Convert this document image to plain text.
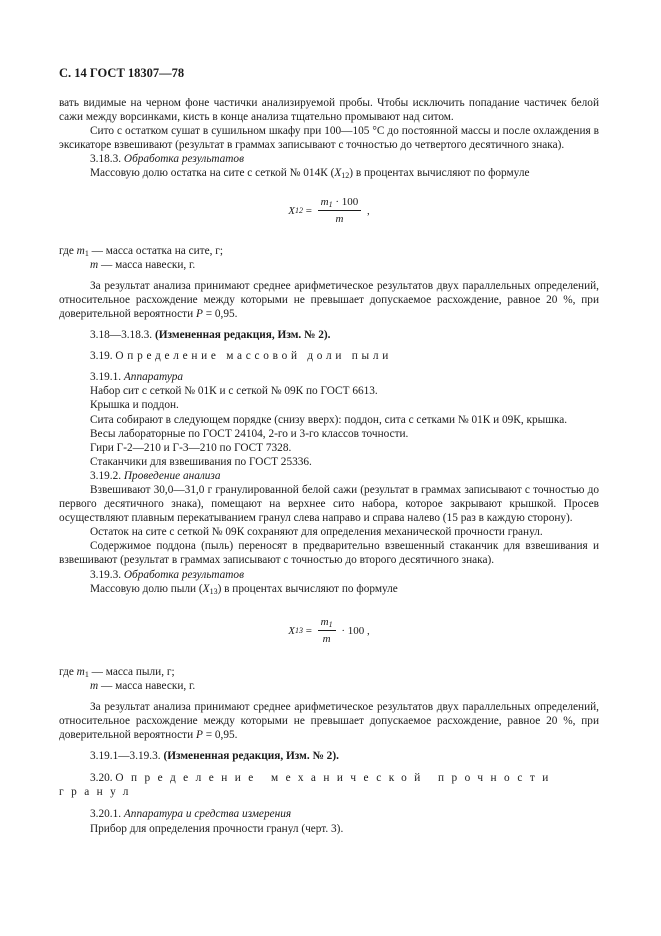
С. 14 ГОСТ 18307—78

вать видимые на черном фоне частички анализируемой пробы. Чтобы исключить попадание частичек белой сажи между ворсинками, кисть в конце анализа тщательно промывают над ситом.

Сито с остатком сушат в сушильном шкафу при 100—105 °С до постоянной массы и после охлаждения в эксикаторе взвешивают (результат в граммах записывают с точностью до четвертого десятичного знака).

3.18.3. Обработка результатов

Массовую долю остатка на сите с сеткой № 014К $(X_{12})$ в процентах вычисляют по формуле

X $12 = \frac{m_1 \cdot 100}{m}$ ,

где $m_1$ — масса остатка на сите, г;

m — масса навески, г.

За результат анализа принимают среднее арифметическое результатов двух параллельных определений, относительное расхождение между которыми не превышает допускаемое расхождение, равное 20 %, при доверительной вероятности P = 0,95.

3.18—3.18.3. (Измененная редакция, Изм. № 2).

3.19. Определение массовой доли пыли

3.19.1. Аппаратура

Набор сит с сеткой № 01К и с сеткой № 09К по ГОСТ 6613.

Крышка и поддон.

Сита собирают в следующем порядке (снизу вверх): поддон, сита с сетками № 01К и 09К, крышка.

Весы лабораторные по ГОСТ 24104, 2-го и 3-го классов точности.

Гири Г-2—210 и Г-3—210 по ГОСТ 7328.

Стаканчики для взвешивания по ГОСТ 25336.

3.19.2. Проведение анализа

Взвешивают 30,0—31,0 г гранулированной белой сажи (результат в граммах записывают с точностью до первого десятичного знака), помещают на верхнее сито набора, которое закрывают крышкой. Просев осуществляют плавным перекатыванием гранул слева направо и справа налево (15 раз в каждую сторону).

Остаток на сите с сеткой № 09К сохраняют для определения механической прочности гранул.

Содержимое поддона (пыль) переносят в предварительно взвешенный стаканчик для взвешивания и взвешивают (результат в граммах записывают с точностью до второго десятичного знака).

3.19.3. Обработка результатов

Массовую долю пыли $(X_{13})$ в процентах вычисляют по формуле

X $13 = \frac{m_1}{m} \cdot 100$ ,

где $m_1$ — масса пыли, г;

m — масса навески, г.

За результат анализа принимают среднее арифметическое результатов двух параллельных определений, относительное расхождение между которыми не превышает допускаемое расхождение, равное 20 %, при доверительной вероятности P = 0,95.

3.19.1—3.19.3. (Измененная редакция, Изм. № 2).

3.20. Определение механической прочности гранул

3.20.1. Аппаратура и средства измерения

Прибор для определения прочности гранул (черт. 3).
